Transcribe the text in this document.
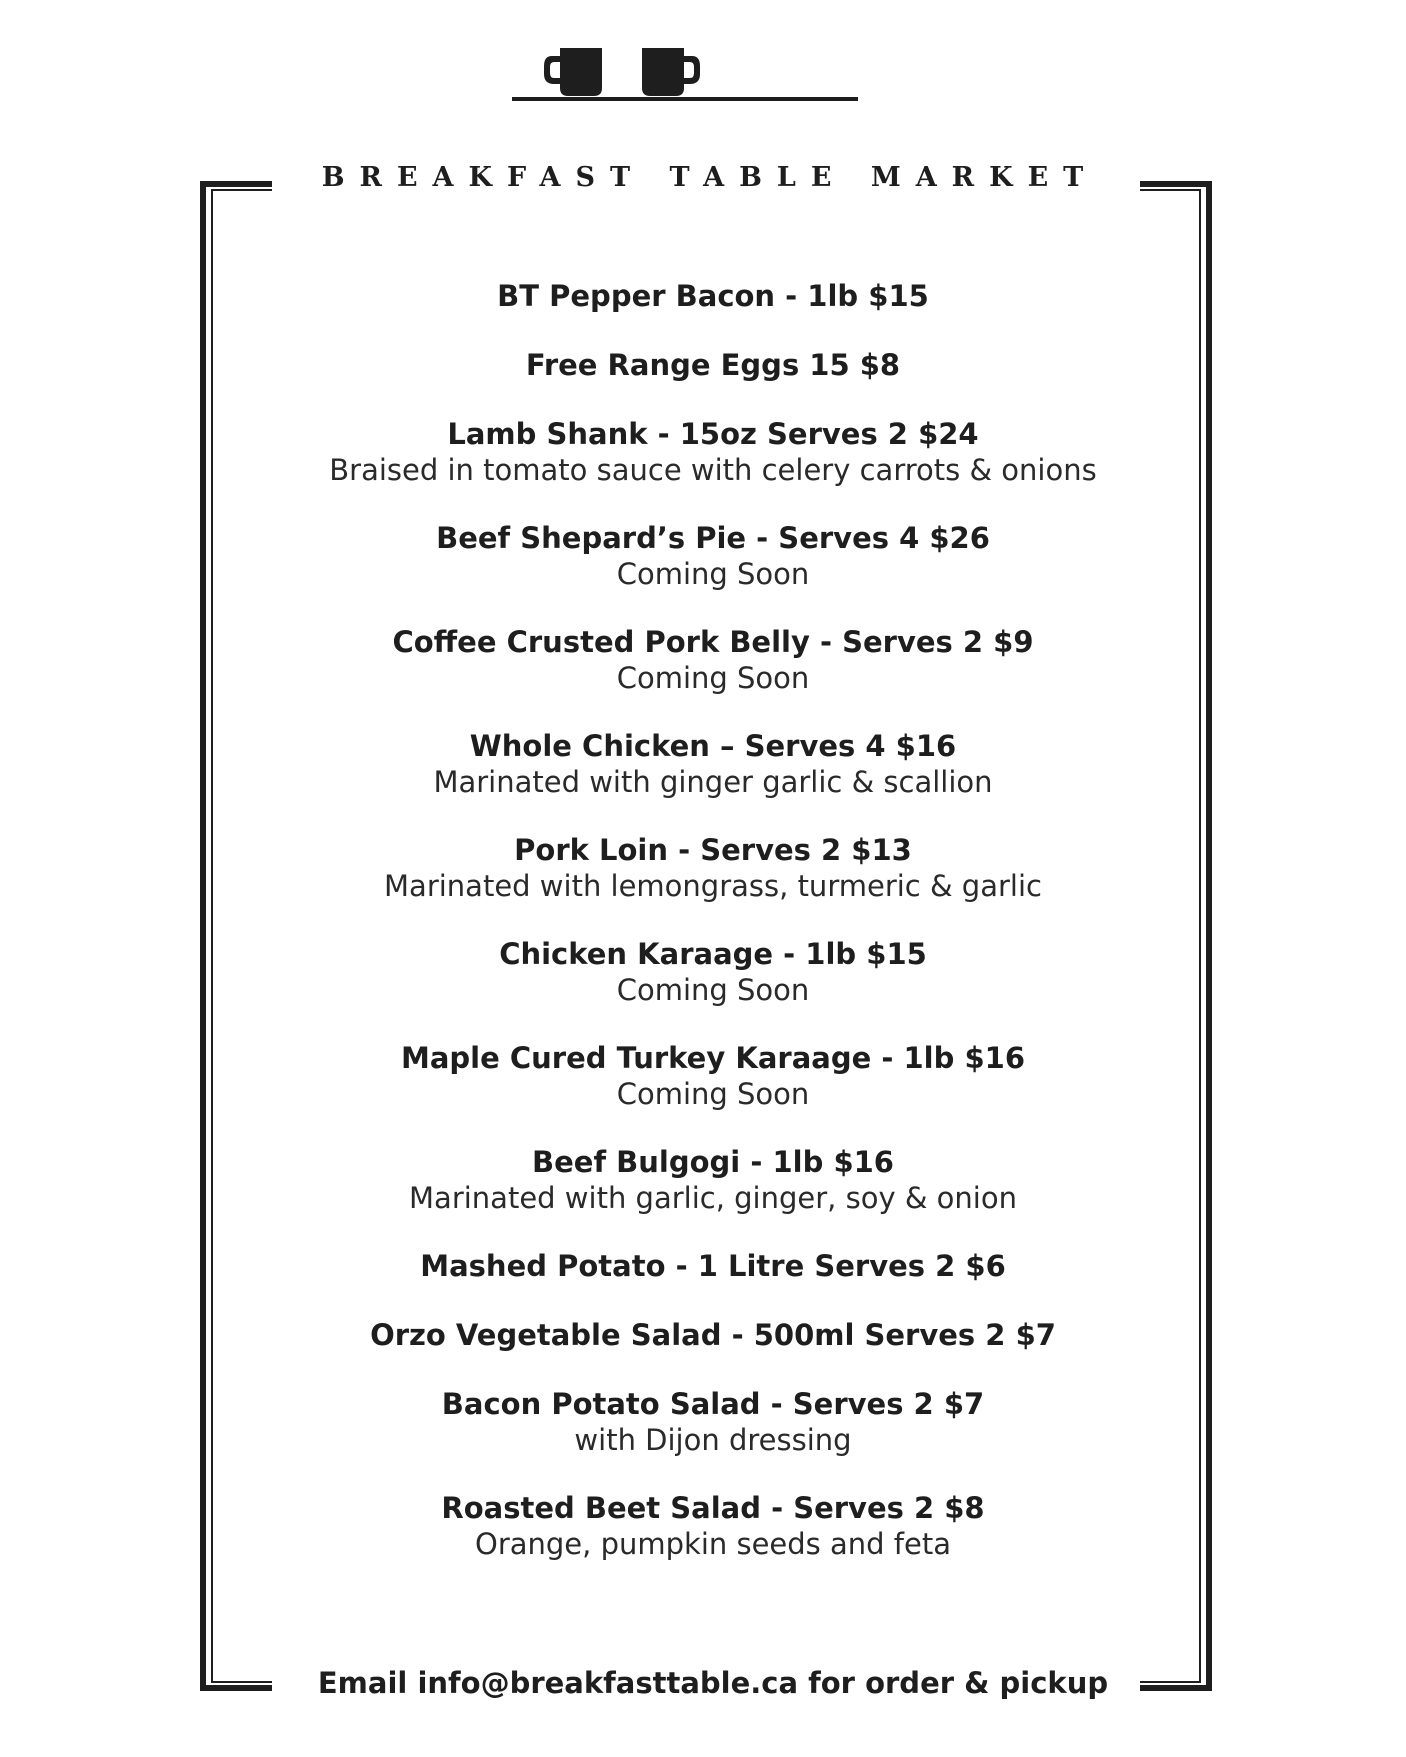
BREAKFAST TABLE MARKET
BT Pepper Bacon - 1lb $15
Free Range Eggs 15 $8
Lamb Shank - 15oz Serves 2 $24
Braised in tomato sauce with celery carrots & onions
Beef Shepard’s Pie - Serves 4 $26
Coming Soon
Coffee Crusted Pork Belly - Serves 2 $9
Coming Soon
Whole Chicken – Serves 4 $16
Marinated with ginger garlic & scallion
Pork Loin - Serves 2 $13
Marinated with lemongrass, turmeric & garlic
Chicken Karaage - 1lb $15
Coming Soon
Maple Cured Turkey Karaage - 1lb $16
Coming Soon
Beef Bulgogi - 1lb $16
Marinated with garlic, ginger, soy & onion
Mashed Potato - 1 Litre Serves 2 $6
Orzo Vegetable Salad - 500ml Serves 2 $7
Bacon Potato Salad - Serves 2 $7
with Dijon dressing
Roasted Beet Salad - Serves 2 $8
Orange, pumpkin seeds and feta
Email info@breakfasttable.ca for order & pickup
